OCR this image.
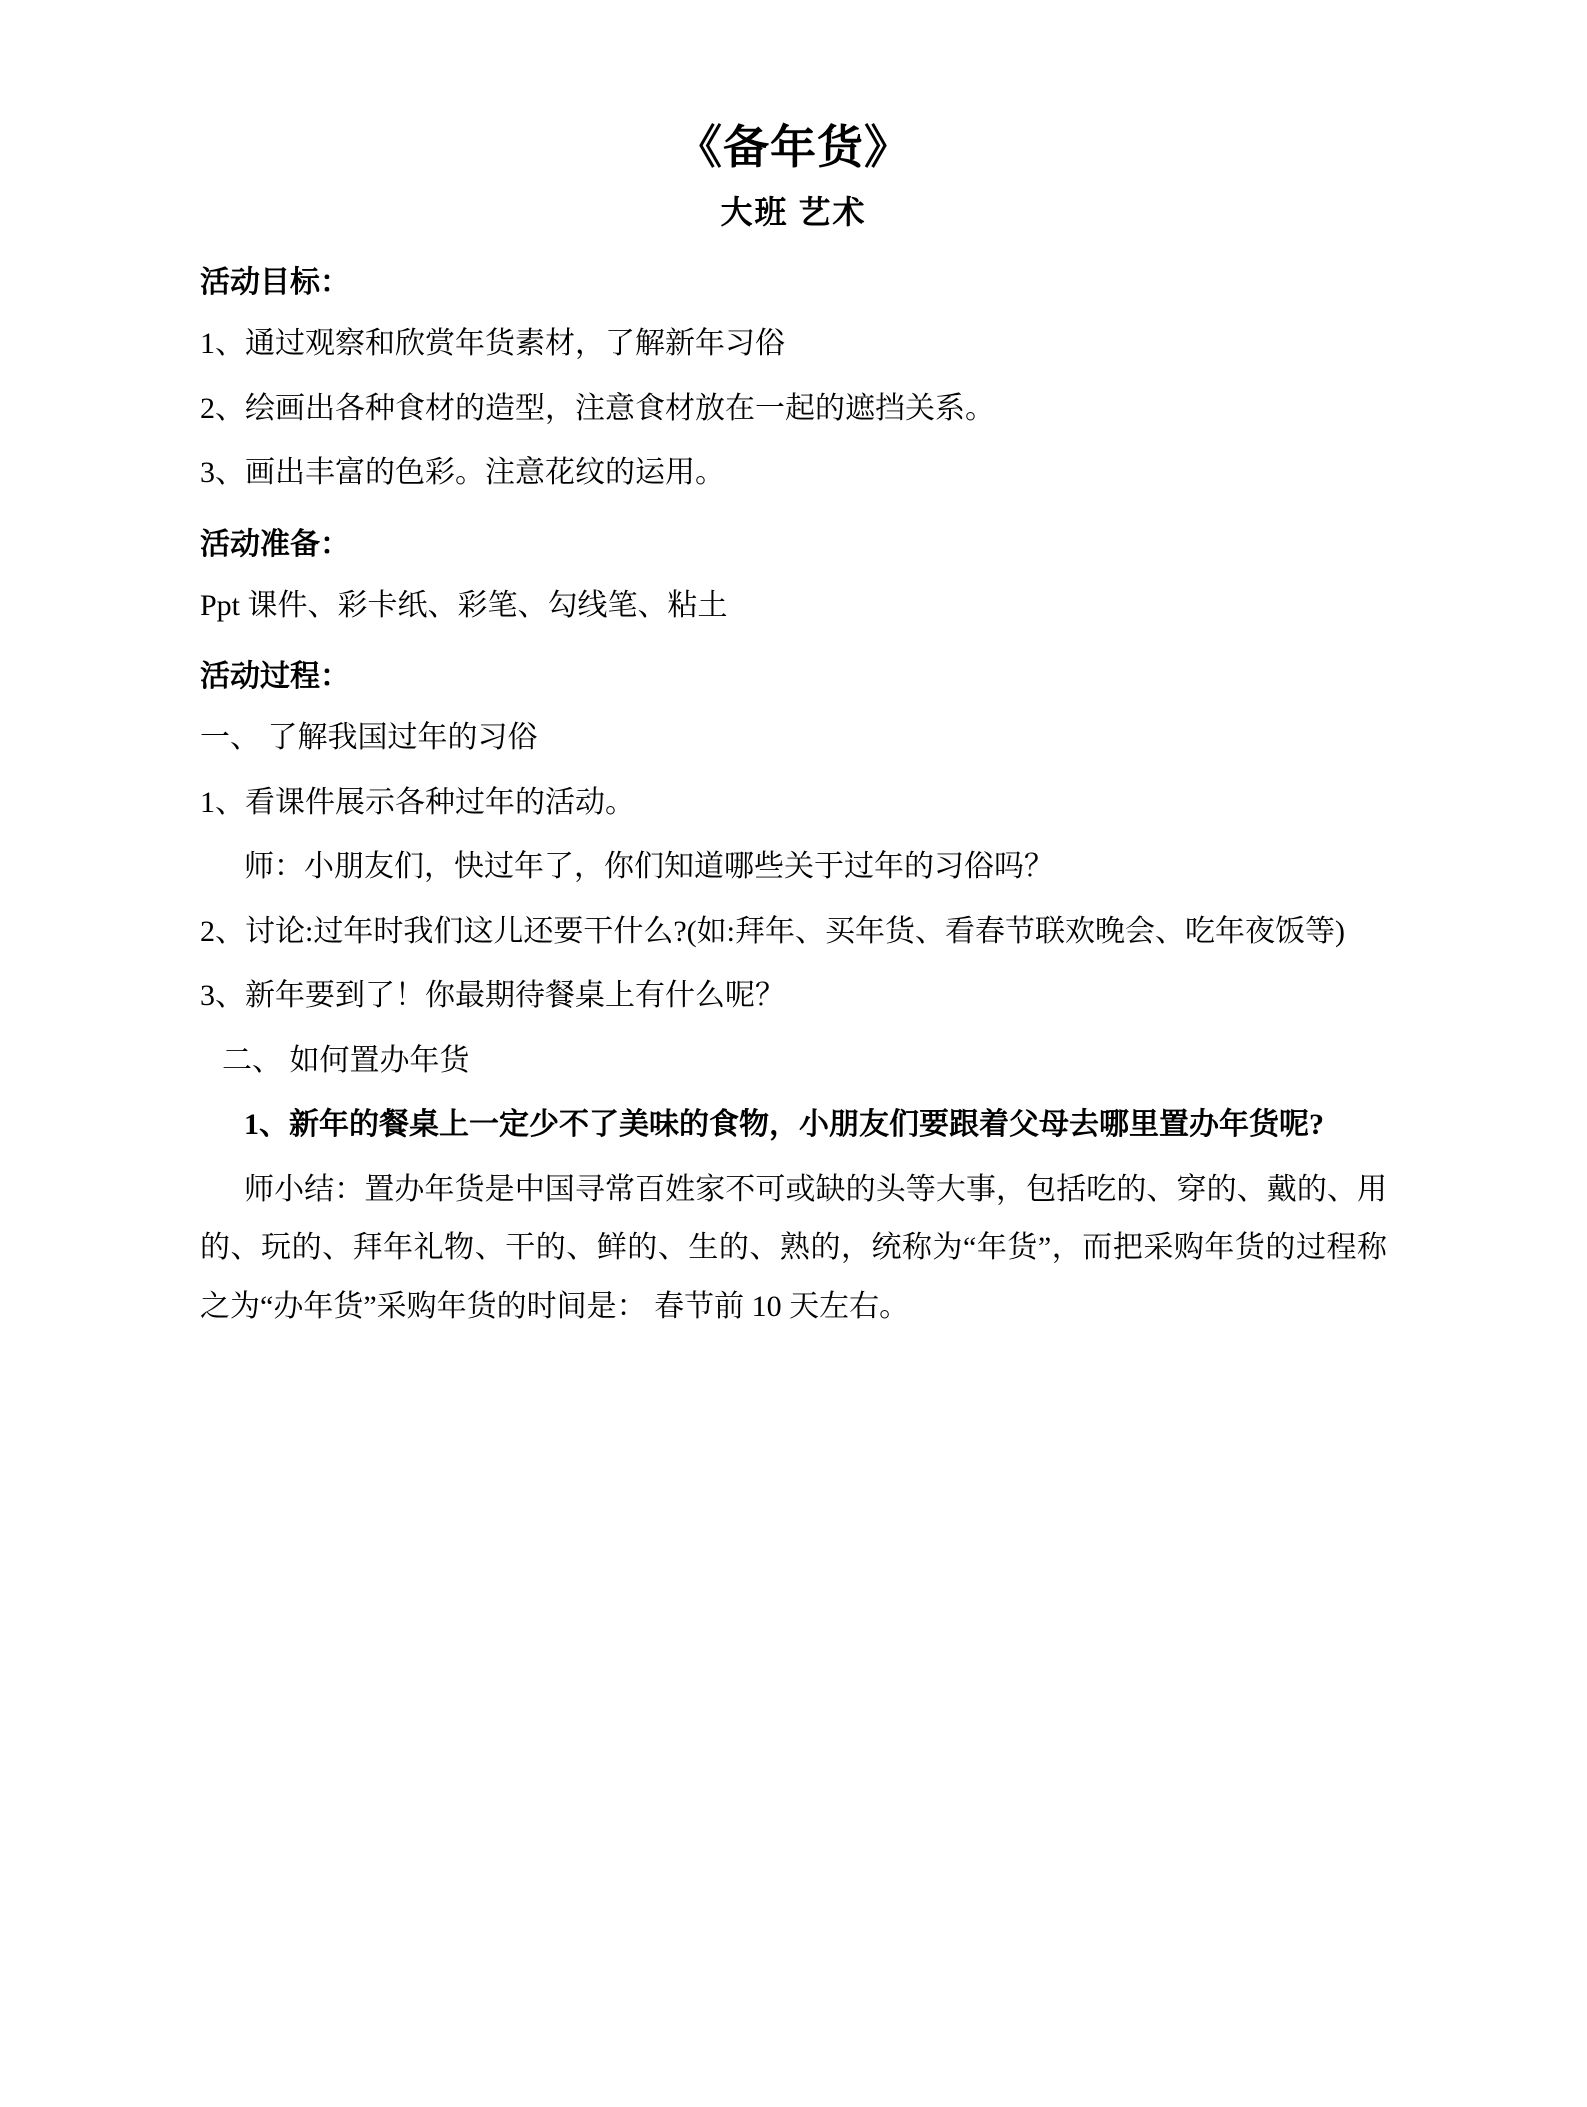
《备年货》
大班 艺术
活动目标：

1、通过观察和欣赏年货素材，了解新年习俗

2、绘画出各种食材的造型，注意食材放在一起的遮挡关系。

3、画出丰富的色彩。注意花纹的运用。

活动准备：

Ppt 课件、彩卡纸、彩笔、勾线笔、粘土

活动过程：

一、 了解我国过年的习俗

1、看课件展示各种过年的活动。

师：小朋友们，快过年了，你们知道哪些关于过年的习俗吗？

2、讨论:过年时我们这儿还要干什么?(如:拜年、买年货、看春节联欢晚会、吃年夜饭等)

3、新年要到了！你最期待餐桌上有什么呢？

二、 如何置办年货

1、新年的餐桌上一定少不了美味的食物，小朋友们要跟着父母去哪里置办年货呢?

师小结：置办年货是中国寻常百姓家不可或缺的头等大事，包括吃的、穿的、戴的、用的、玩的、拜年礼物、干的、鲜的、生的、熟的，统称为“年货”，而把采购年货的过程称之为“办年货”采购年货的时间是： 春节前 10 天左右。
